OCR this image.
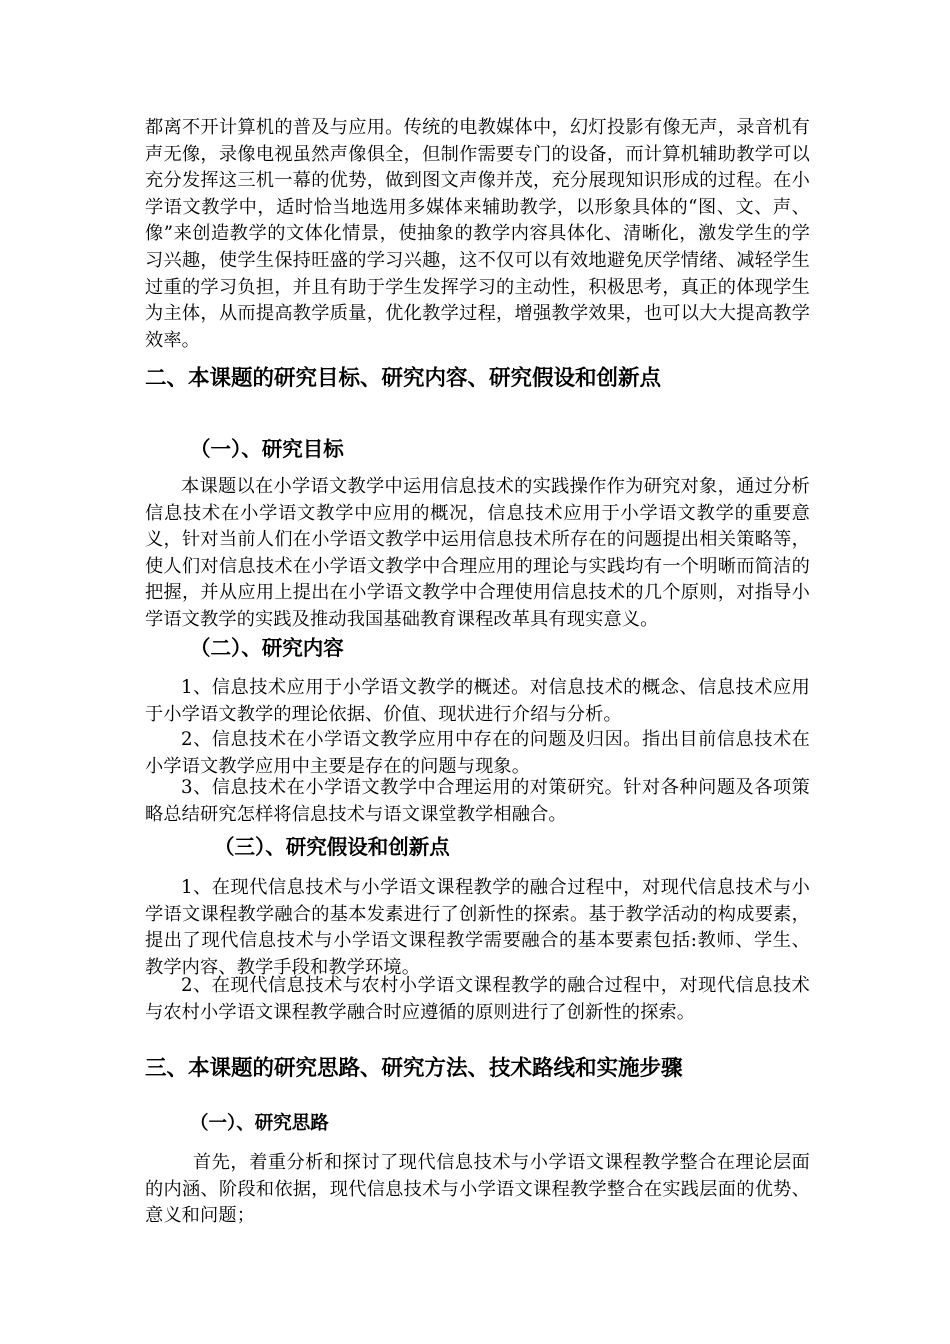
都离不开计算机的普及与应用。传统的电教媒体中，幻灯投影有像无声，录音机有声无像，录像电视虽然声像俱全，但制作需要专门的设备，而计算机辅助教学可以充分发挥这三机一幕的优势，做到图文声像并茂，充分展现知识形成的过程。在小学语文教学中，适时恰当地选用多媒体来辅助教学，以形象具体的“图、文、声、像”来创造教学的文体化情景，使抽象的教学内容具体化、清晰化，激发学生的学习兴趣，使学生保持旺盛的学习兴趣，这不仅可以有效地避免厌学情绪、减轻学生过重的学习负担，并且有助于学生发挥学习的主动性，积极思考，真正的体现学生为主体，从而提高教学质量，优化教学过程，增强教学效果，也可以大大提高教学效率。

二、本课题的研究目标、研究内容、研究假设和创新点
（一）、研究目标

本课题以在小学语文教学中运用信息技术的实践操作作为研究对象，通过分析信息技术在小学语文教学中应用的概况，信息技术应用于小学语文教学的重要意义，针对当前人们在小学语文教学中运用信息技术所存在的问题提出相关策略等，使人们对信息技术在小学语文教学中合理应用的理论与实践均有一个明晰而简洁的把握，并从应用上提出在小学语文教学中合理使用信息技术的几个原则，对指导小学语文教学的实践及推动我国基础教育课程改革具有现实意义。

（二）、研究内容

1、信息技术应用于小学语文教学的概述。对信息技术的概念、信息技术应用于小学语文教学的理论依据、价值、现状进行介绍与分析。

2、信息技术在小学语文教学应用中存在的问题及归因。指出目前信息技术在小学语文教学应用中主要是存在的问题与现象。

3、信息技术在小学语文教学中合理运用的对策研究。针对各种问题及各项策略总结研究怎样将信息技术与语文课堂教学相融合。

（三）、研究假设和创新点

1、在现代信息技术与小学语文课程教学的融合过程中，对现代信息技术与小学语文课程教学融合的基本发素进行了创新性的探索。基于教学活动的构成要素，提出了现代信息技术与小学语文课程教学需要融合的基本要素包括:教师、学生、教学内容、教学手段和教学环境。

2、在现代信息技术与农村小学语文课程教学的融合过程中，对现代信息技术与农村小学语文课程教学融合时应遵循的原则进行了创新性的探索。

三、本课题的研究思路、研究方法、技术路线和实施步骤
（一）、研究思路

首先，着重分析和探讨了现代信息技术与小学语文课程教学整合在理论层面的内涵、阶段和依据，现代信息技术与小学语文课程教学整合在实践层面的优势、意义和问题；
